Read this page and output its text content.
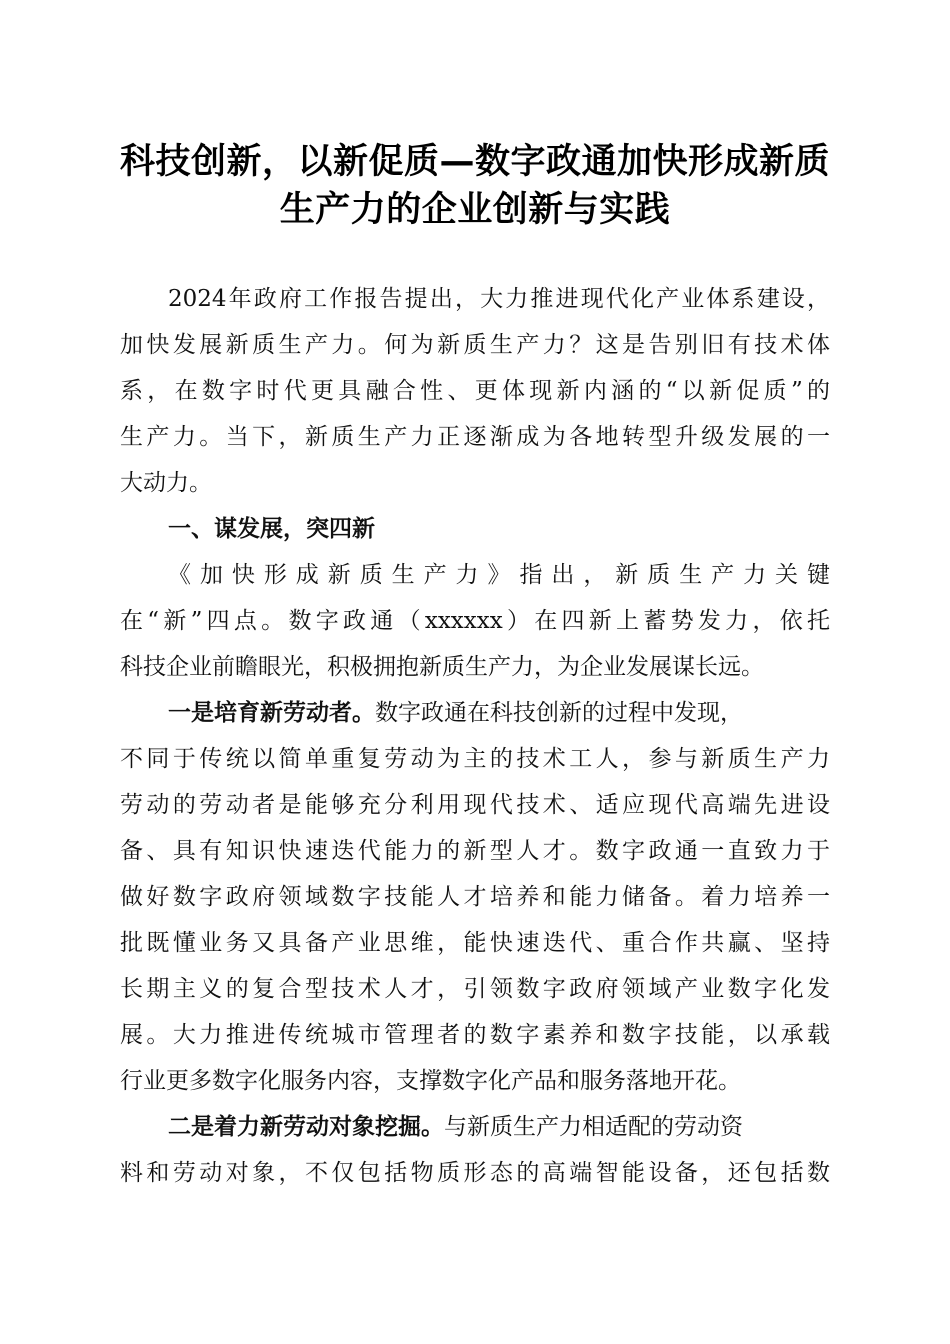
科技创新，以新促质—数字政通加快形成新质
生产力的企业创新与实践
2024年政府工作报告提出，大力推进现代化产业体系建设，
加快发展新质生产力。何为新质生产力？这是告别旧有技术体
系，在数字时代更具融合性、更体现新内涵的“以新促质”的
生产力。当下，新质生产力正逐渐成为各地转型升级发展的一
大动力。
一、谋发展，突四新
《加快形成新质生产力》指出，新质生产力关键
在“新”四点。数字政通（xxxxxx）在四新上蓄势发力，依托
科技企业前瞻眼光，积极拥抱新质生产力，为企业发展谋长远。
一是培育新劳动者。数字政通在科技创新的过程中发现，
不同于传统以简单重复劳动为主的技术工人，参与新质生产力
劳动的劳动者是能够充分利用现代技术、适应现代高端先进设
备、具有知识快速迭代能力的新型人才。数字政通一直致力于
做好数字政府领域数字技能人才培养和能力储备。着力培养一
批既懂业务又具备产业思维，能快速迭代、重合作共赢、坚持
长期主义的复合型技术人才，引领数字政府领域产业数字化发
展。大力推进传统城市管理者的数字素养和数字技能，以承载
行业更多数字化服务内容，支撑数字化产品和服务落地开花。
二是着力新劳动对象挖掘。与新质生产力相适配的劳动资
料和劳动对象，不仅包括物质形态的高端智能设备，还包括数
